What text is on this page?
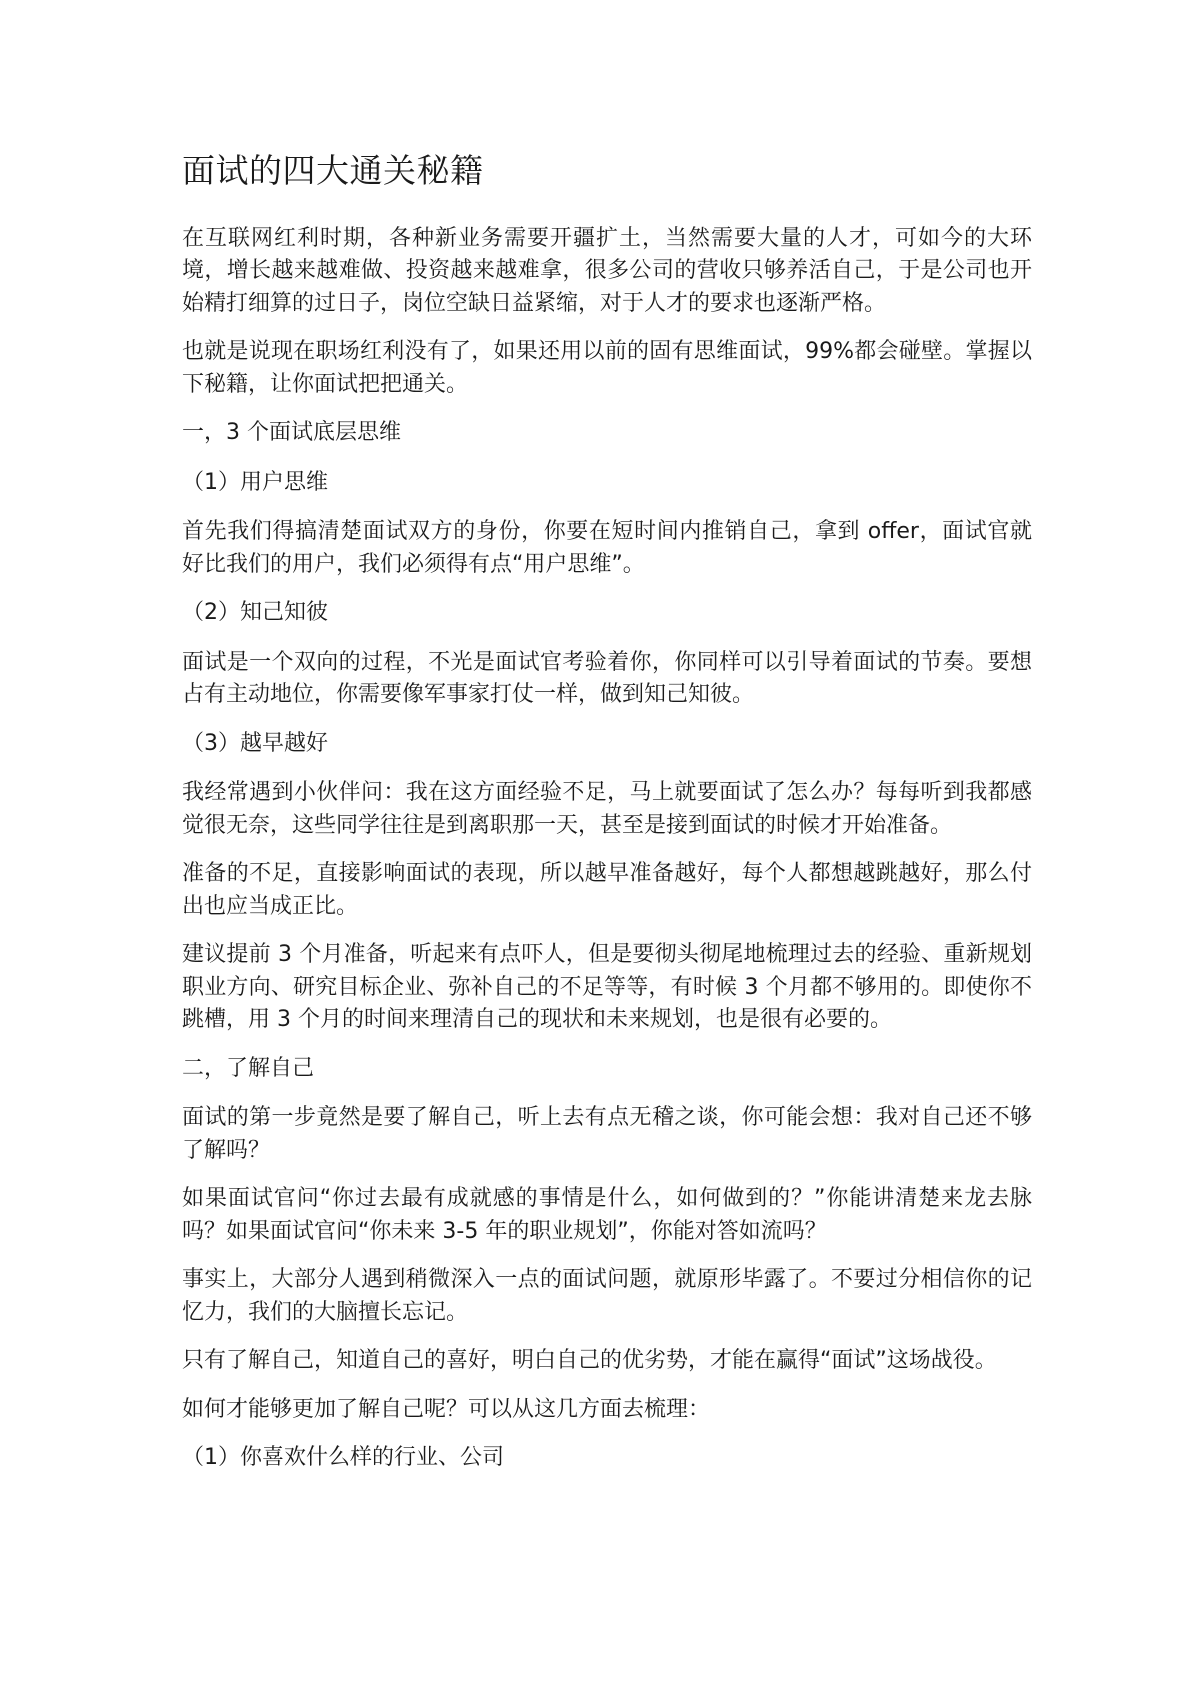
面试的四大通关秘籍

在互联网红利时期，各种新业务需要开疆扩土，当然需要大量的人才，可如今的大环境，增长越来越难做、投资越来越难拿，很多公司的营收只够养活自己，于是公司也开始精打细算的过日子，岗位空缺日益紧缩，对于人才的要求也逐渐严格。

也就是说现在职场红利没有了，如果还用以前的固有思维面试，99%都会碰壁。掌握以下秘籍，让你面试把把通关。

一，3 个面试底层思维

（1）用户思维

首先我们得搞清楚面试双方的身份，你要在短时间内推销自己，拿到 offer，面试官就好比我们的用户，我们必须得有点“用户思维”。

（2）知己知彼

面试是一个双向的过程，不光是面试官考验着你，你同样可以引导着面试的节奏。要想占有主动地位，你需要像军事家打仗一样，做到知己知彼。

（3）越早越好

我经常遇到小伙伴问：我在这方面经验不足，马上就要面试了怎么办？每每听到我都感觉很无奈，这些同学往往是到离职那一天，甚至是接到面试的时候才开始准备。

准备的不足，直接影响面试的表现，所以越早准备越好，每个人都想越跳越好，那么付出也应当成正比。

建议提前 3 个月准备，听起来有点吓人，但是要彻头彻尾地梳理过去的经验、重新规划职业方向、研究目标企业、弥补自己的不足等等，有时候 3 个月都不够用的。即使你不跳槽，用 3 个月的时间来理清自己的现状和未来规划，也是很有必要的。

二，了解自己

面试的第一步竟然是要了解自己，听上去有点无稽之谈，你可能会想：我对自己还不够了解吗？

如果面试官问“你过去最有成就感的事情是什么，如何做到的？”你能讲清楚来龙去脉吗？如果面试官问“你未来 3-5 年的职业规划”，你能对答如流吗？

事实上，大部分人遇到稍微深入一点的面试问题，就原形毕露了。不要过分相信你的记忆力，我们的大脑擅长忘记。

只有了解自己，知道自己的喜好，明白自己的优劣势，才能在赢得“面试”这场战役。

如何才能够更加了解自己呢？可以从这几方面去梳理：

（1）你喜欢什么样的行业、公司
